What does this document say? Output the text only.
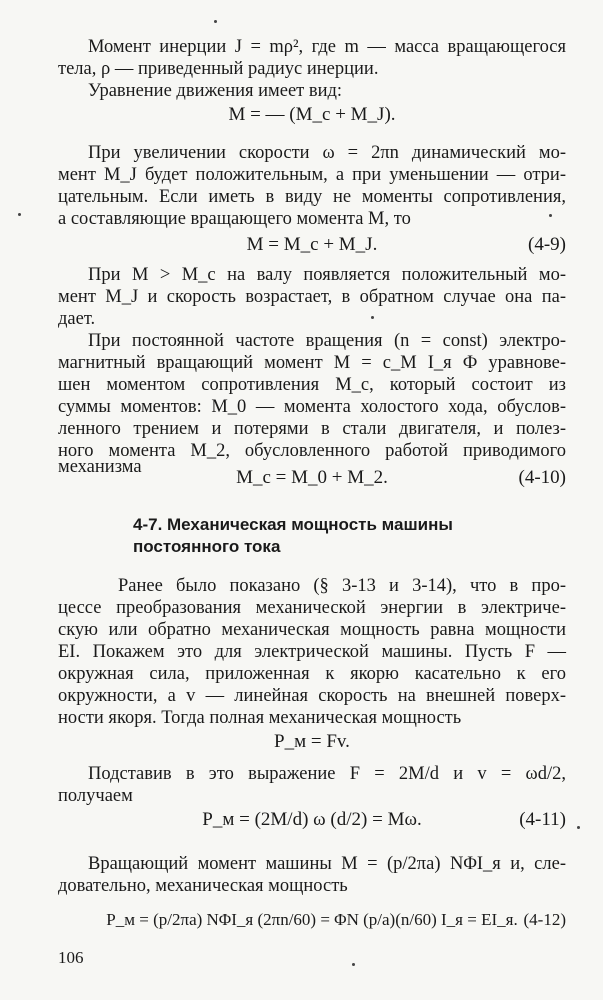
Момент инерции J = mρ², где m — масса вращающегося
тела, ρ — приведенный радиус инерции.
Уравнение движения имеет вид:
M = — (M_с + M_J).
При увеличении скорости ω = 2πn динамический мо-
мент M_J будет положительным, а при уменьшении — отри-
цательным. Если иметь в виду не моменты сопротивления,
а составляющие вращающего момента M, то
M = M_с + M_J.	(4-9)
При M > M_с на валу появляется положительный мо-
мент M_J и скорость возрастает, в обратном случае она па-
дает.
При постоянной частоте вращения (n = const) электро-
магнитный вращающий момент M = c_M I_я Ф уравнове-
шен моментом сопротивления M_с, который состоит из
суммы моментов: M_0 — момента холостого хода, обуслов-
ленного трением и потерями в стали двигателя, и полез-
ного момента M_2, обусловленного работой приводимого
механизма	M_с = M_0 + M_2.	(4-10)
4-7. Механическая мощность машины
постоянного тока
Ранее было показано (§ 3-13 и 3-14), что в про-
цессе преобразования механической энергии в электриче-
скую или обратно механическая мощность равна мощности
EI. Покажем это для электрической машины. Пусть F —
окружная сила, приложенная к якорю касательно к его
окружности, а v — линейная скорость на внешней поверх-
ности якоря. Тогда полная механическая мощность
P_м = Fv.
Подставив в это выражение F = 2M/d и v = ωd/2,
получаем
P_м = (2M/d) ω (d/2) = Mω.	(4-11)
Вращающий момент машины M = (p/2πa) NΦI_я и, сле-
довательно, механическая мощность
P_м = (p/2πa) NΦI_я (2πn/60) = ΦN (p/a)(n/60) I_я = EI_я. (4-12)
106
